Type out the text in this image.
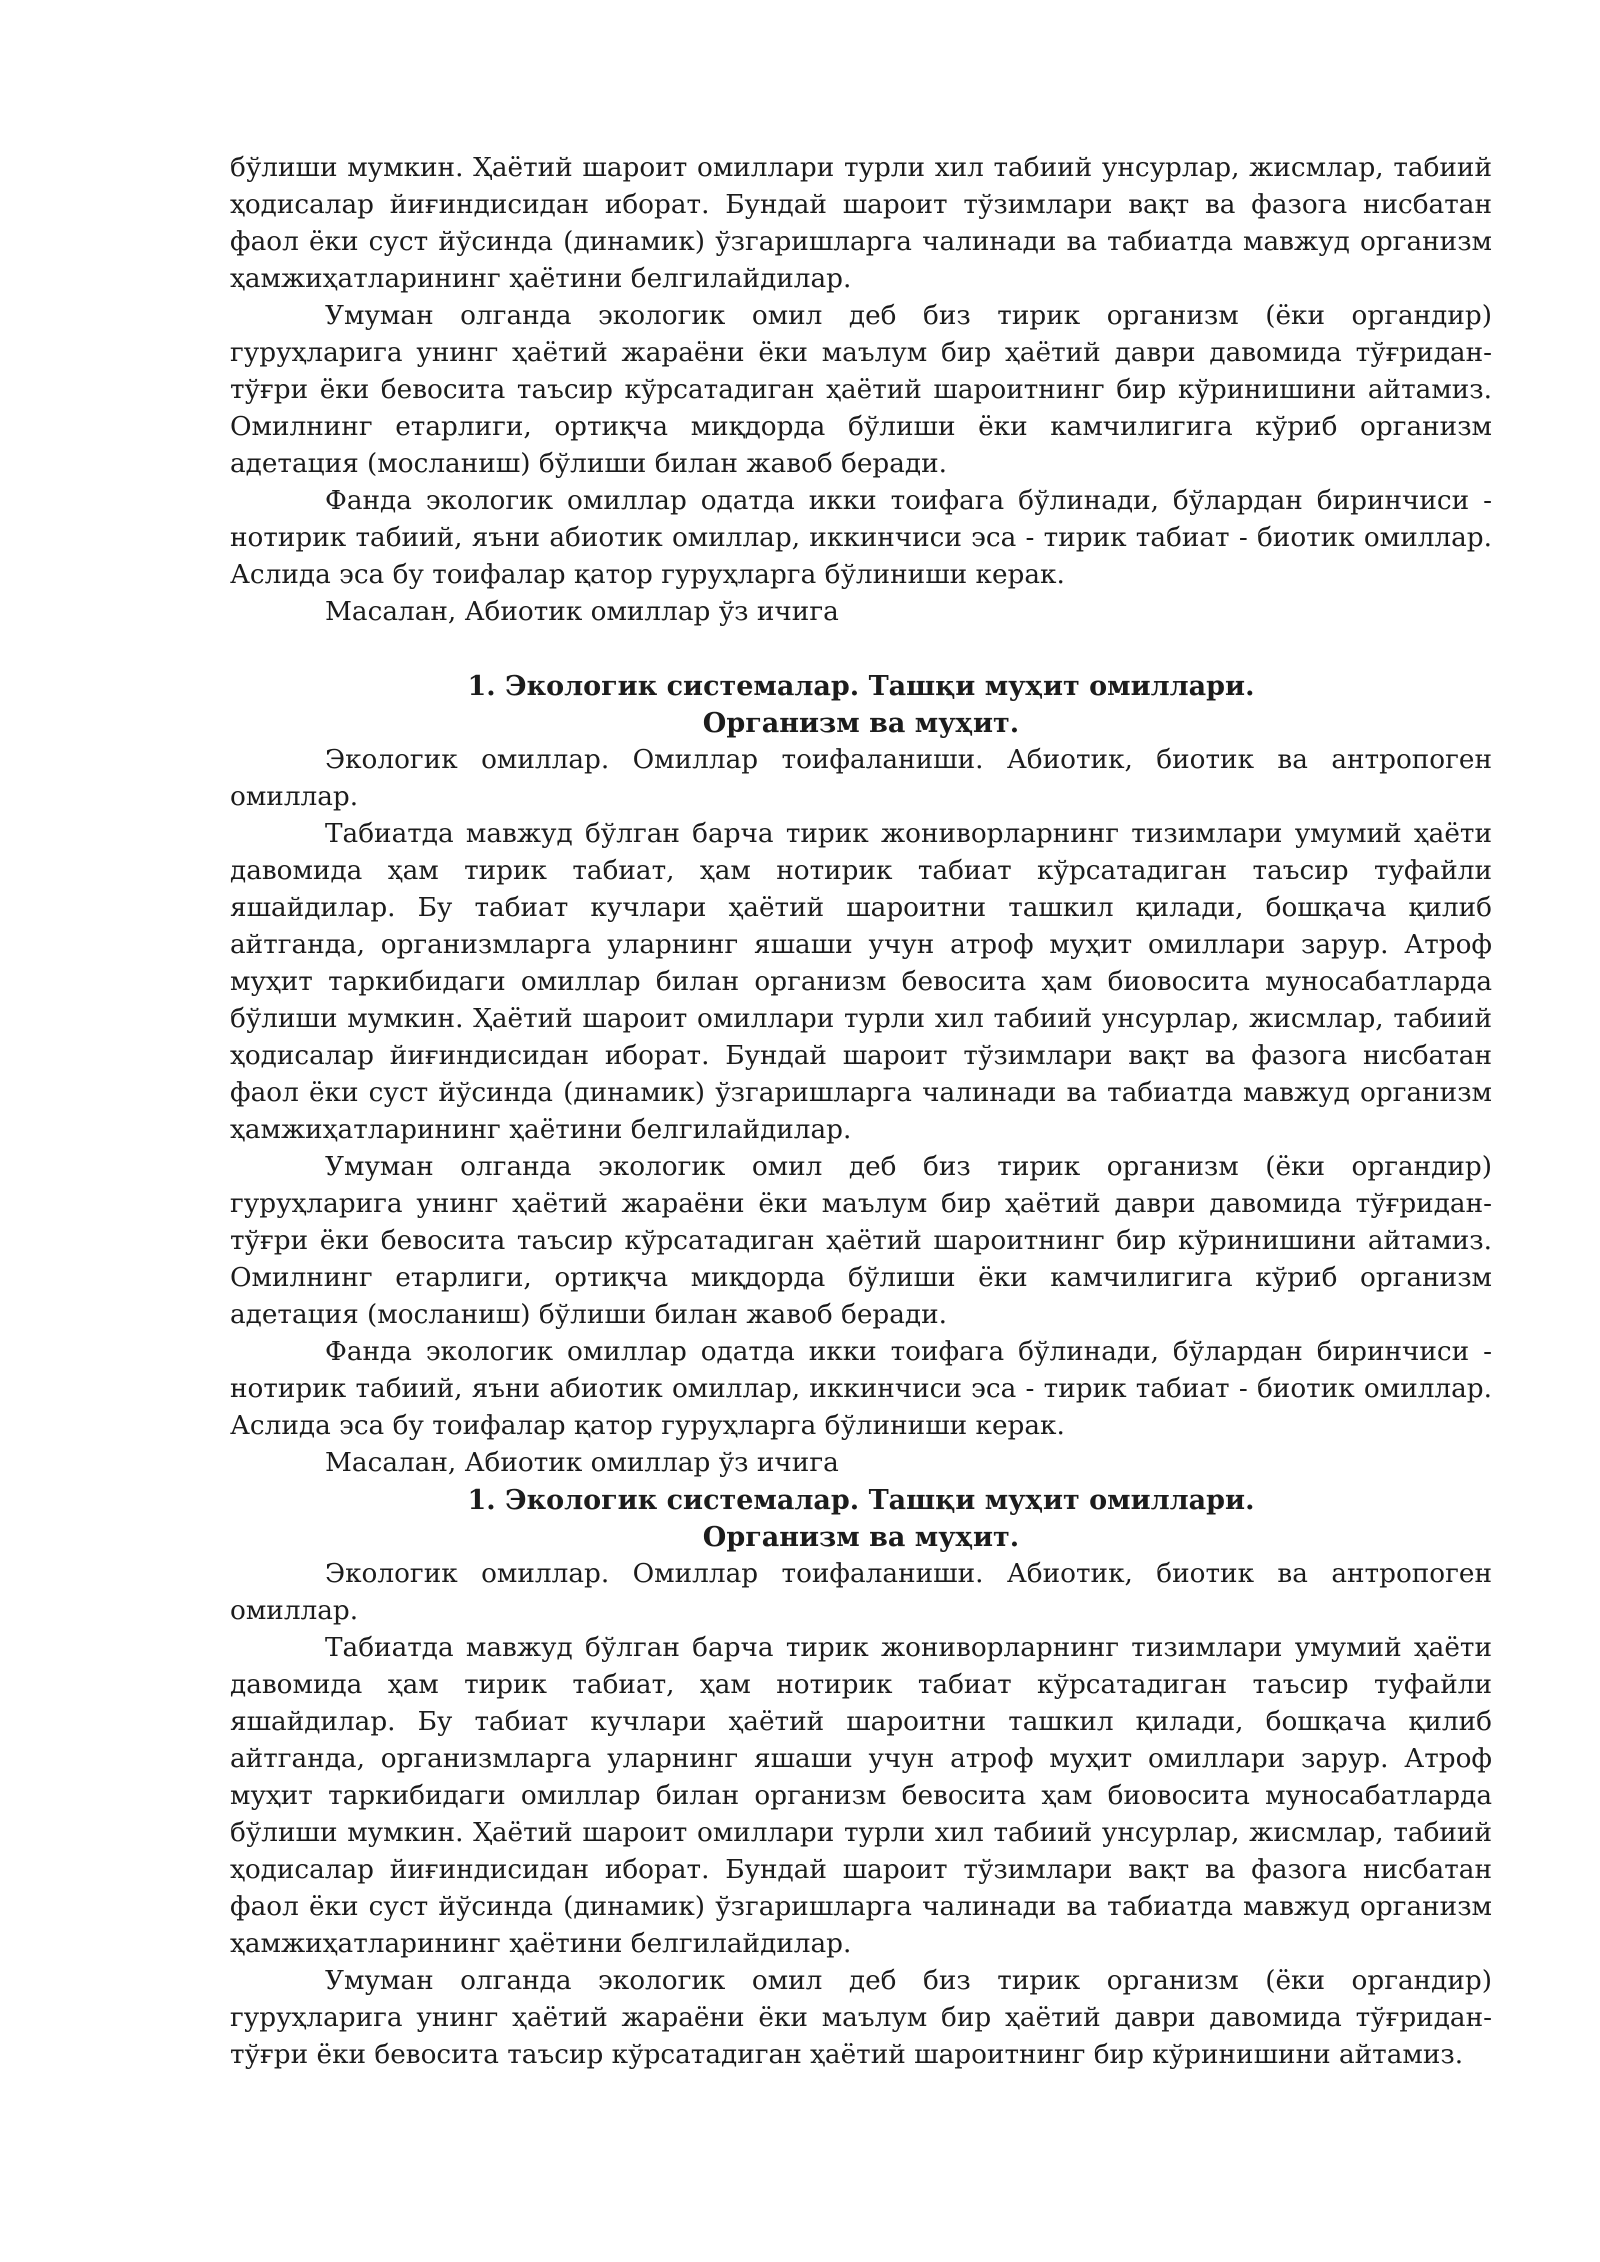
бўлиши мумкин. Ҳаётий шароит омиллари турли хил табиий унсурлар, жисмлар, табиий ҳодисалар йиғиндисидан иборат. Бундай шароит тўзимлари вақт ва фазога нисбатан фаол ёки суст йўсинда (динамик) ўзгаришларга чалинади ва табиатда мавжуд организм ҳамжиҳатларининг ҳаётини белгилайдилар.

Умуман олганда экологик омил деб биз тирик организм (ёки органдир) гуруҳларига унинг ҳаётий жараёни ёки маълум бир ҳаётий даври давомида тўғридан-тўғри ёки бевосита таъсир кўрсатадиган ҳаётий шароитнинг бир кўринишини айтамиз. Омилнинг етарлиги, ортиқча миқдорда бўлиши ёки камчилигига кўриб организм адетация (мосланиш) бўлиши билан жавоб беради.

Фанда экологик омиллар одатда икки тоифага бўлинади, бўлардан биринчиси - нотирик табиий, яъни абиотик омиллар, иккинчиси эса - тирик табиат - биотик омиллар. Аслида эса бу тоифалар қатор гуруҳларга бўлиниши керак.

Масалан, Абиотик омиллар ўз ичига

1. Экологик системалар. Ташқи муҳит омиллари.

Организм ва муҳит.

Экологик омиллар. Омиллар тоифаланиши. Абиотик, биотик ва антропоген омиллар.

Табиатда мавжуд бўлган барча тирик жониворларнинг тизимлари умумий ҳаёти давомида ҳам тирик табиат, ҳам нотирик табиат кўрсатадиган таъсир туфайли яшайдилар. Бу табиат кучлари ҳаётий шароитни ташкил қилади, бошқача қилиб айтганда, организмларга уларнинг яшаши учун атроф муҳит омиллари зарур. Атроф муҳит таркибидаги омиллар билан организм бевосита ҳам биовосита муносабатларда бўлиши мумкин. Ҳаётий шароит омиллари турли хил табиий унсурлар, жисмлар, табиий ҳодисалар йиғиндисидан иборат. Бундай шароит тўзимлари вақт ва фазога нисбатан фаол ёки суст йўсинда (динамик) ўзгаришларга чалинади ва табиатда мавжуд организм ҳамжиҳатларининг ҳаётини белгилайдилар.

Умуман олганда экологик омил деб биз тирик организм (ёки органдир) гуруҳларига унинг ҳаётий жараёни ёки маълум бир ҳаётий даври давомида тўғридан-тўғри ёки бевосита таъсир кўрсатадиган ҳаётий шароитнинг бир кўринишини айтамиз. Омилнинг етарлиги, ортиқча миқдорда бўлиши ёки камчилигига кўриб организм адетация (мосланиш) бўлиши билан жавоб беради.

Фанда экологик омиллар одатда икки тоифага бўлинади, бўлардан биринчиси - нотирик табиий, яъни абиотик омиллар, иккинчиси эса - тирик табиат - биотик омиллар. Аслида эса бу тоифалар қатор гуруҳларга бўлиниши керак.

Масалан, Абиотик омиллар ўз ичига

1. Экологик системалар. Ташқи муҳит омиллари.

Организм ва муҳит.

Экологик омиллар. Омиллар тоифаланиши. Абиотик, биотик ва антропоген омиллар.

Табиатда мавжуд бўлган барча тирик жониворларнинг тизимлари умумий ҳаёти давомида ҳам тирик табиат, ҳам нотирик табиат кўрсатадиган таъсир туфайли яшайдилар. Бу табиат кучлари ҳаётий шароитни ташкил қилади, бошқача қилиб айтганда, организмларга уларнинг яшаши учун атроф муҳит омиллари зарур. Атроф муҳит таркибидаги омиллар билан организм бевосита ҳам биовосита муносабатларда бўлиши мумкин. Ҳаётий шароит омиллари турли хил табиий унсурлар, жисмлар, табиий ҳодисалар йиғиндисидан иборат. Бундай шароит тўзимлари вақт ва фазога нисбатан фаол ёки суст йўсинда (динамик) ўзгаришларга чалинади ва табиатда мавжуд организм ҳамжиҳатларининг ҳаётини белгилайдилар.

Умуман олганда экологик омил деб биз тирик организм (ёки органдир) гуруҳларига унинг ҳаётий жараёни ёки маълум бир ҳаётий даври давомида тўғридан-тўғри ёки бевосита таъсир кўрсатадиган ҳаётий шароитнинг бир кўринишини айтамиз.
